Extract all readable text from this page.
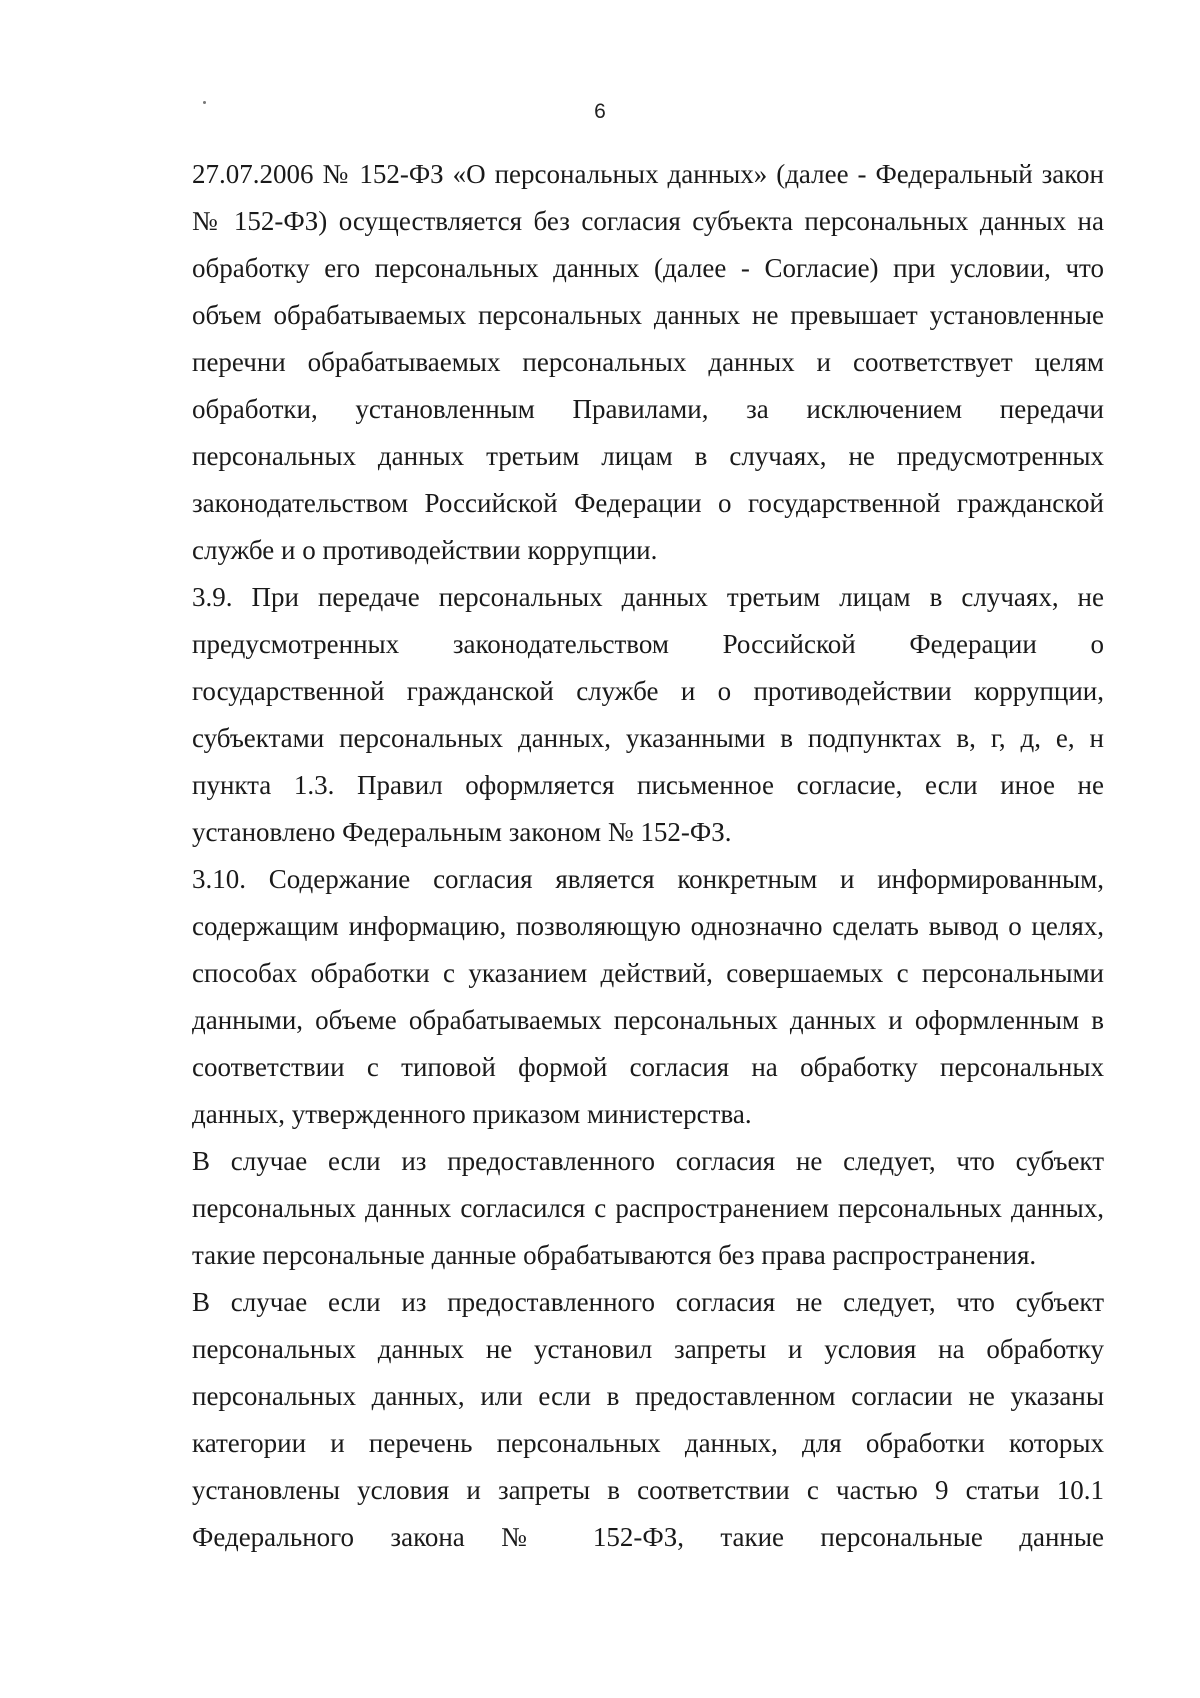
6

27.07.2006 № 152-ФЗ «О персональных данных» (далее - Федеральный закон
№ 152-ФЗ) осуществляется без согласия субъекта персональных данных на
обработку его персональных данных (далее - Согласие) при условии, что
объем обрабатываемых персональных данных не превышает установленные
перечни обрабатываемых персональных данных и соответствует целям
обработки, установленным Правилами, за исключением передачи
персональных данных третьим лицам в случаях, не предусмотренных
законодательством Российской Федерации о государственной гражданской
службе и о противодействии коррупции.

3.9. При передаче персональных данных третьим лицам в случаях, не
предусмотренных законодательством Российской Федерации о
государственной гражданской службе и о противодействии коррупции,
субъектами персональных данных, указанными в подпунктах в, г, д, е, н
пункта 1.3. Правил оформляется письменное согласие, если иное не
установлено Федеральным законом № 152-ФЗ.

3.10. Содержание согласия является конкретным и информированным,
содержащим информацию, позволяющую однозначно сделать вывод о целях,
способах обработки с указанием действий, совершаемых с персональными
данными, объеме обрабатываемых персональных данных и оформленным в
соответствии с типовой формой согласия на обработку персональных
данных, утвержденного приказом министерства.

В случае если из предоставленного согласия не следует, что субъект
персональных данных согласился с распространением персональных данных,
такие персональные данные обрабатываются без права распространения.

В случае если из предоставленного согласия не следует, что субъект
персональных данных не установил запреты и условия на обработку
персональных данных, или если в предоставленном согласии не указаны
категории и перечень персональных данных, для обработки которых
установлены условия и запреты в соответствии с частью 9 статьи 10.1
Федерального закона № 152-ФЗ, такие персональные данные
